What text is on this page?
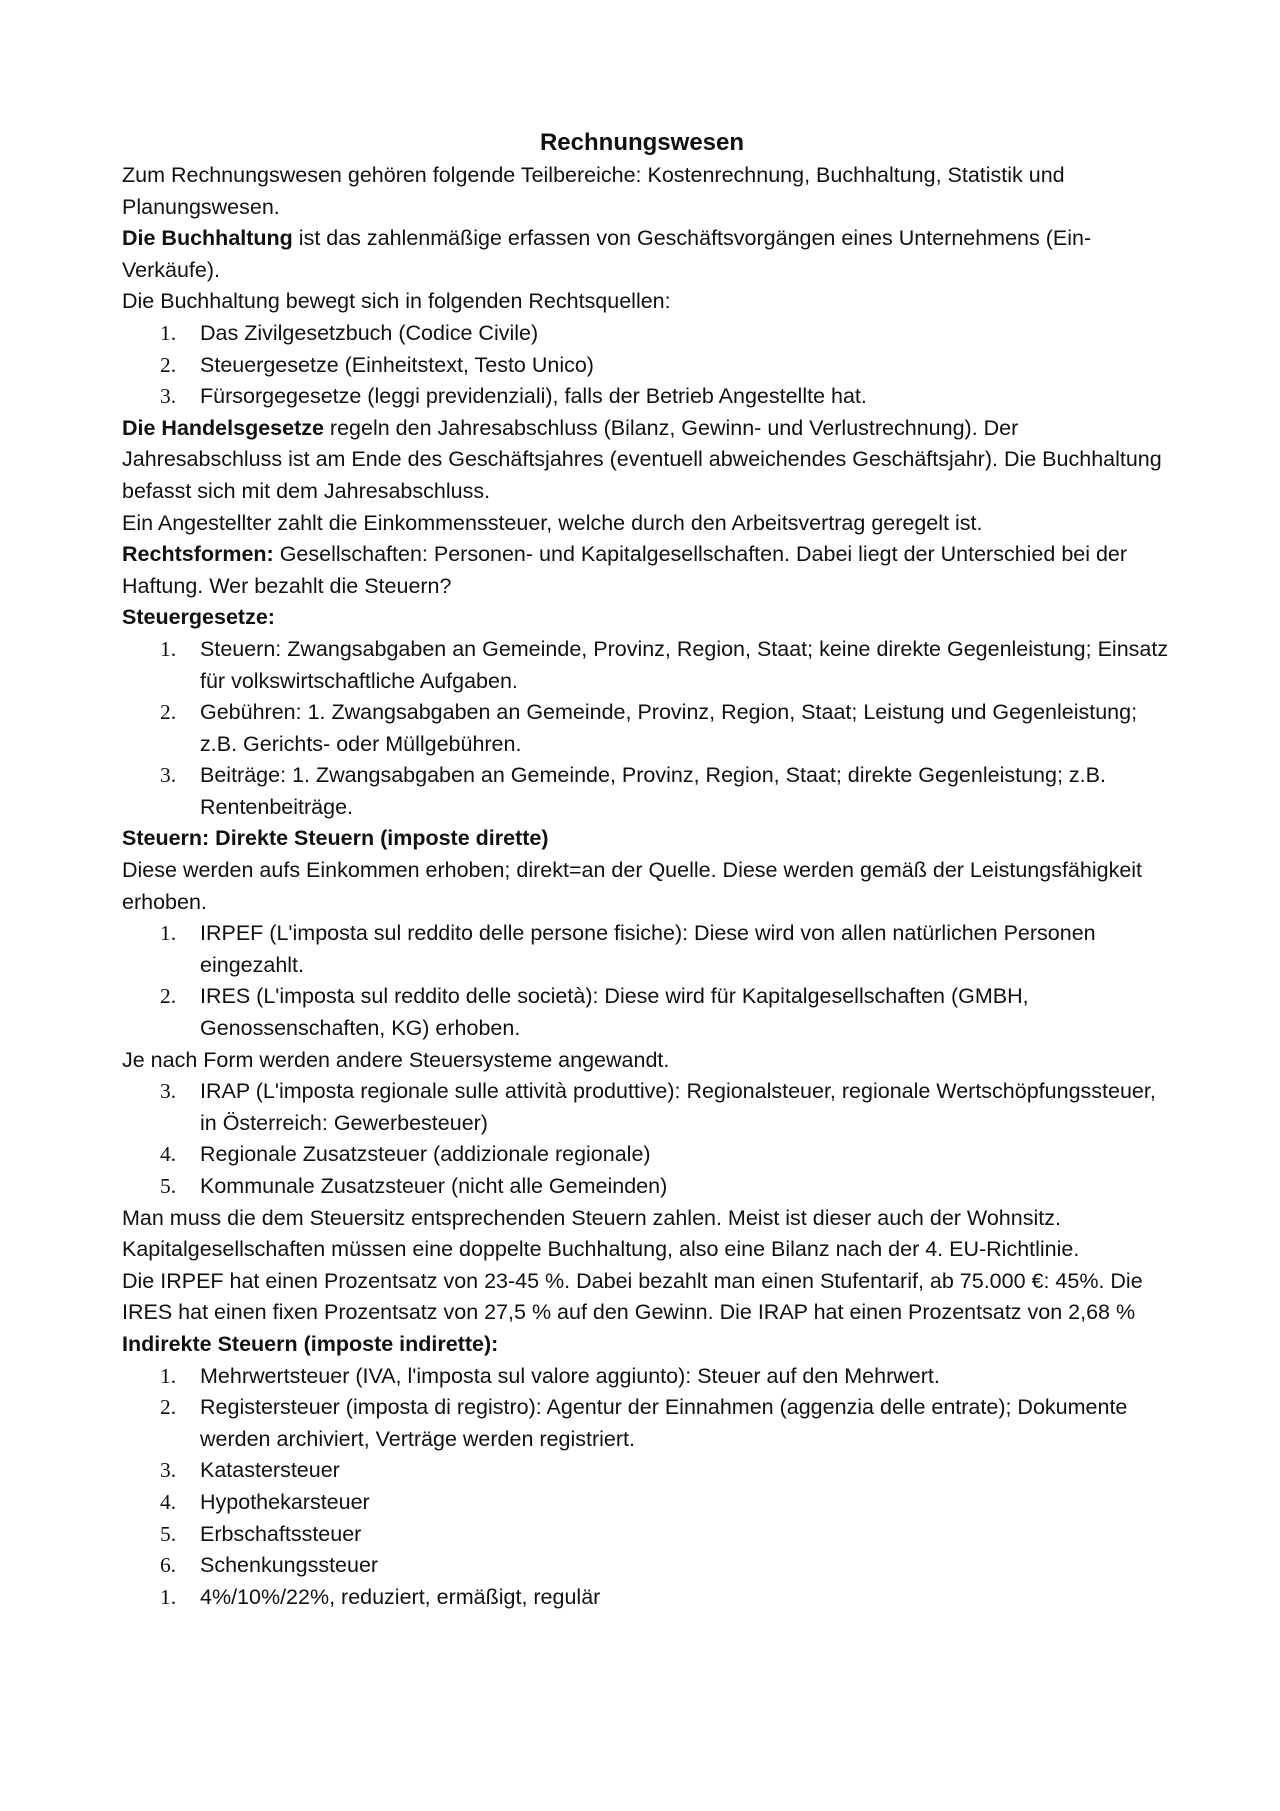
Rechnungswesen

Zum Rechnungswesen gehören folgende Teilbereiche: Kostenrechnung, Buchhaltung, Statistik und Planungswesen.

Die Buchhaltung ist das zahlenmäßige erfassen von Geschäftsvorgängen eines Unternehmens (Ein-Verkäufe).

Die Buchhaltung bewegt sich in folgenden Rechtsquellen:

1. Das Zivilgesetzbuch (Codice Civile)
2. Steuergesetze (Einheitstext, Testo Unico)
3. Fürsorgegesetze (leggi previdenziali), falls der Betrieb Angestellte hat.

Die Handelsgesetze regeln den Jahresabschluss (Bilanz, Gewinn- und Verlustrechnung). Der Jahresabschluss ist am Ende des Geschäftsjahres (eventuell abweichendes Geschäftsjahr). Die Buchhaltung befasst sich mit dem Jahresabschluss.

Ein Angestellter zahlt die Einkommenssteuer, welche durch den Arbeitsvertrag geregelt ist.

Rechtsformen: Gesellschaften: Personen- und Kapitalgesellschaften. Dabei liegt der Unterschied bei der Haftung. Wer bezahlt die Steuern?

Steuergesetze:

1. Steuern: Zwangsabgaben an Gemeinde, Provinz, Region, Staat; keine direkte Gegenleistung; Einsatz für volkswirtschaftliche Aufgaben.
2. Gebühren: 1. Zwangsabgaben an Gemeinde, Provinz, Region, Staat; Leistung und Gegenleistung; z.B. Gerichts- oder Müllgebühren.
3. Beiträge: 1. Zwangsabgaben an Gemeinde, Provinz, Region, Staat; direkte Gegenleistung; z.B. Rentenbeiträge.

Steuern: Direkte Steuern (imposte dirette)

Diese werden aufs Einkommen erhoben; direkt=an der Quelle. Diese werden gemäß der Leistungsfähigkeit erhoben.

1. IRPEF (L'imposta sul reddito delle persone fisiche): Diese wird von allen natürlichen Personen eingezahlt.
2. IRES (L'imposta sul reddito delle società): Diese wird für Kapitalgesellschaften (GMBH, Genossenschaften, KG) erhoben.

Je nach Form werden andere Steuersysteme angewandt.

3. IRAP (L'imposta regionale sulle attività produttive): Regionalsteuer, regionale Wertschöpfungssteuer, in Österreich: Gewerbesteuer)
4. Regionale Zusatzsteuer (addizionale regionale)
5. Kommunale Zusatzsteuer (nicht alle Gemeinden)

Man muss die dem Steuersitz entsprechenden Steuern zahlen. Meist ist dieser auch der Wohnsitz. Kapitalgesellschaften müssen eine doppelte Buchhaltung, also eine Bilanz nach der 4. EU-Richtlinie.

Die IRPEF hat einen Prozentsatz von 23-45 %. Dabei bezahlt man einen Stufentarif, ab 75.000 €: 45%. Die IRES hat einen fixen Prozentsatz von 27,5 % auf den Gewinn. Die IRAP hat einen Prozentsatz von 2,68 %

Indirekte Steuern (imposte indirette):

1. Mehrwertsteuer (IVA, l'imposta sul valore aggiunto): Steuer auf den Mehrwert.
2. Registersteuer (imposta di registro): Agentur der Einnahmen (aggenzia delle entrate); Dokumente werden archiviert, Verträge werden registriert.
3. Katastersteuer
4. Hypothekarsteuer
5. Erbschaftssteuer
6. Schenkungssteuer
1. 4%/10%/22%, reduziert, ermäßigt, regulär
